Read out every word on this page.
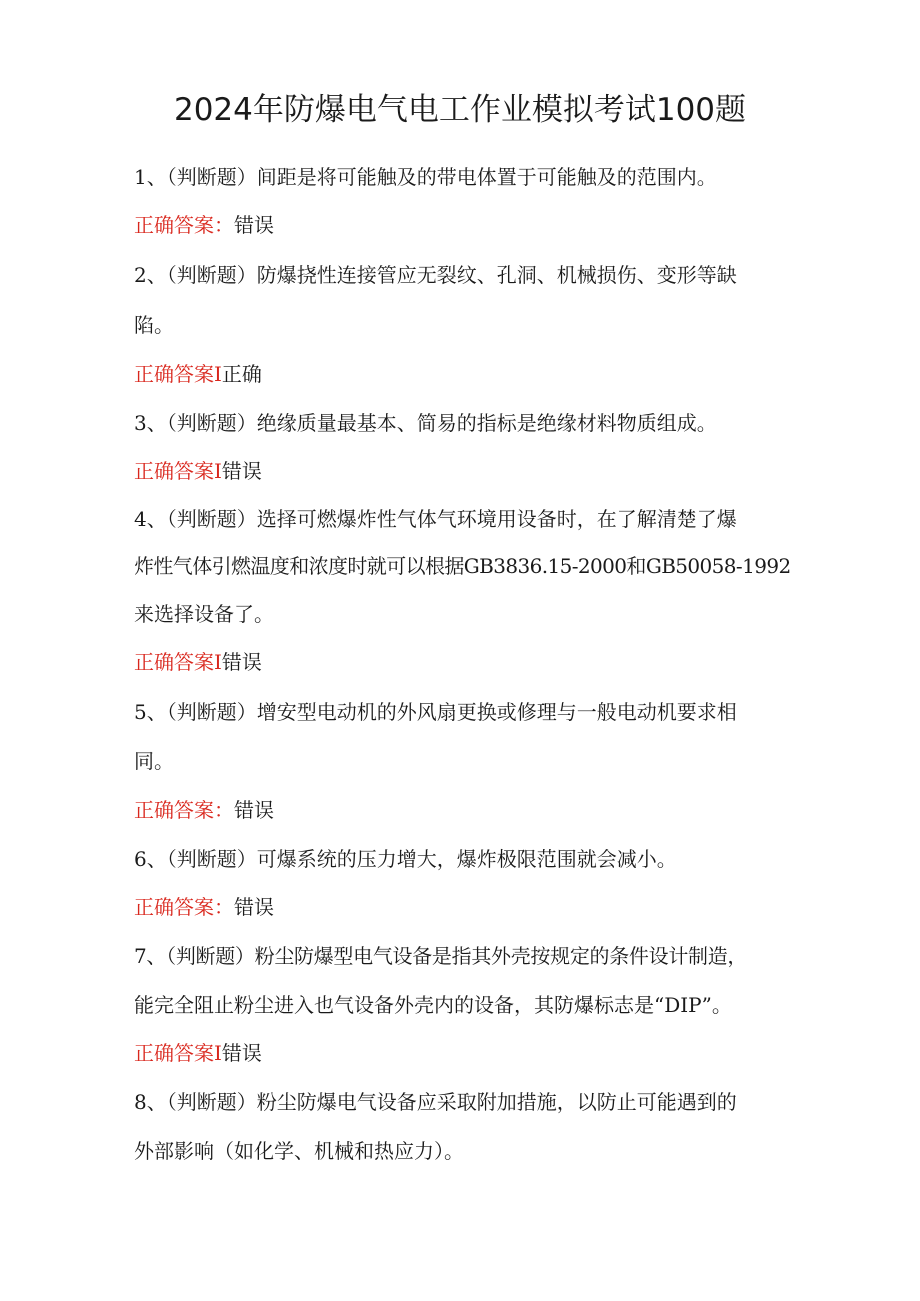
2024年防爆电气电工作业模拟考试100题
1、（判断题）间距是将可能触及的带电体置于可能触及的范围内。
正确答案：错误
2、（判断题）防爆挠性连接管应无裂纹、孔洞、机械损伤、变形等缺
陷。
正确答案I正确
3、（判断题）绝缘质量最基本、简易的指标是绝缘材料物质组成。
正确答案I错误
4、（判断题）选择可燃爆炸性气体气环境用设备时，在了解清楚了爆
炸性气体引燃温度和浓度时就可以根据GB3836.15-2000和GB50058-1992
来选择设备了。
正确答案I错误
5、（判断题）增安型电动机的外风扇更换或修理与一般电动机要求相
同。
正确答案：错误
6、（判断题）可爆系统的压力增大，爆炸极限范围就会减小。
正确答案：错误
7、（判断题）粉尘防爆型电气设备是指其外壳按规定的条件设计制造，
能完全阻止粉尘进入也气设备外壳内的设备，其防爆标志是“DIP”。
正确答案I错误
8、（判断题）粉尘防爆电气设备应采取附加措施，以防止可能遇到的
外部影响（如化学、机械和热应力）。
